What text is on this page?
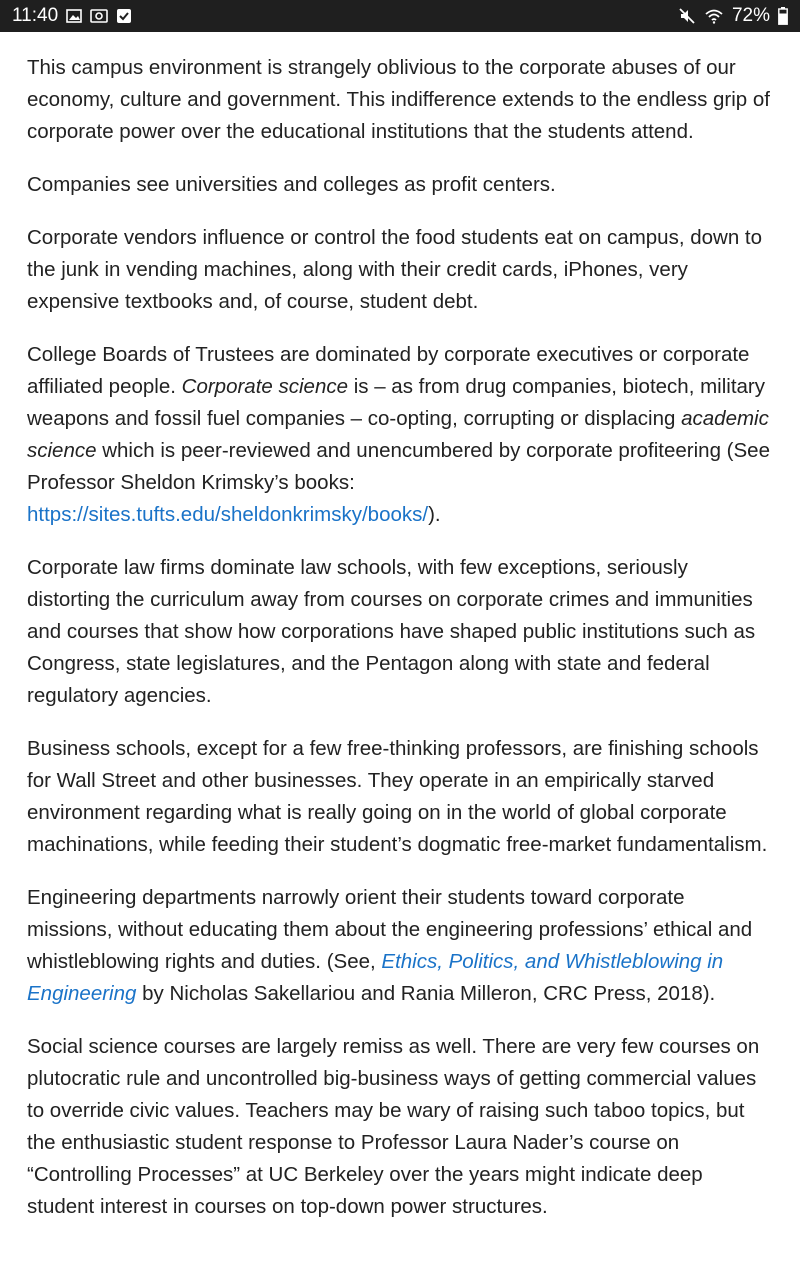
11:40	72%

This campus environment is strangely oblivious to the corporate abuses of our economy, culture and government. This indifference extends to the endless grip of corporate power over the educational institutions that the students attend.

Companies see universities and colleges as profit centers.

Corporate vendors influence or control the food students eat on campus, down to the junk in vending machines, along with their credit cards, iPhones, very expensive textbooks and, of course, student debt.

College Boards of Trustees are dominated by corporate executives or corporate affiliated people. Corporate science is – as from drug companies, biotech, military weapons and fossil fuel companies – co-opting, corrupting or displacing academic science which is peer-reviewed and unencumbered by corporate profiteering (See Professor Sheldon Krimsky’s books: https://sites.tufts.edu/sheldonkrimsky/books/).

Corporate law firms dominate law schools, with few exceptions, seriously distorting the curriculum away from courses on corporate crimes and immunities and courses that show how corporations have shaped public institutions such as Congress, state legislatures, and the Pentagon along with state and federal regulatory agencies.

Business schools, except for a few free-thinking professors, are finishing schools for Wall Street and other businesses. They operate in an empirically starved environment regarding what is really going on in the world of global corporate machinations, while feeding their student’s dogmatic free-market fundamentalism.

Engineering departments narrowly orient their students toward corporate missions, without educating them about the engineering professions’ ethical and whistleblowing rights and duties. (See, Ethics, Politics, and Whistleblowing in Engineering by Nicholas Sakellariou and Rania Milleron, CRC Press, 2018).

Social science courses are largely remiss as well. There are very few courses on plutocratic rule and uncontrolled big-business ways of getting commercial values to override civic values. Teachers may be wary of raising such taboo topics, but the enthusiastic student response to Professor Laura Nader’s course on “Controlling Processes” at UC Berkeley over the years might indicate deep student interest in courses on top-down power structures.
